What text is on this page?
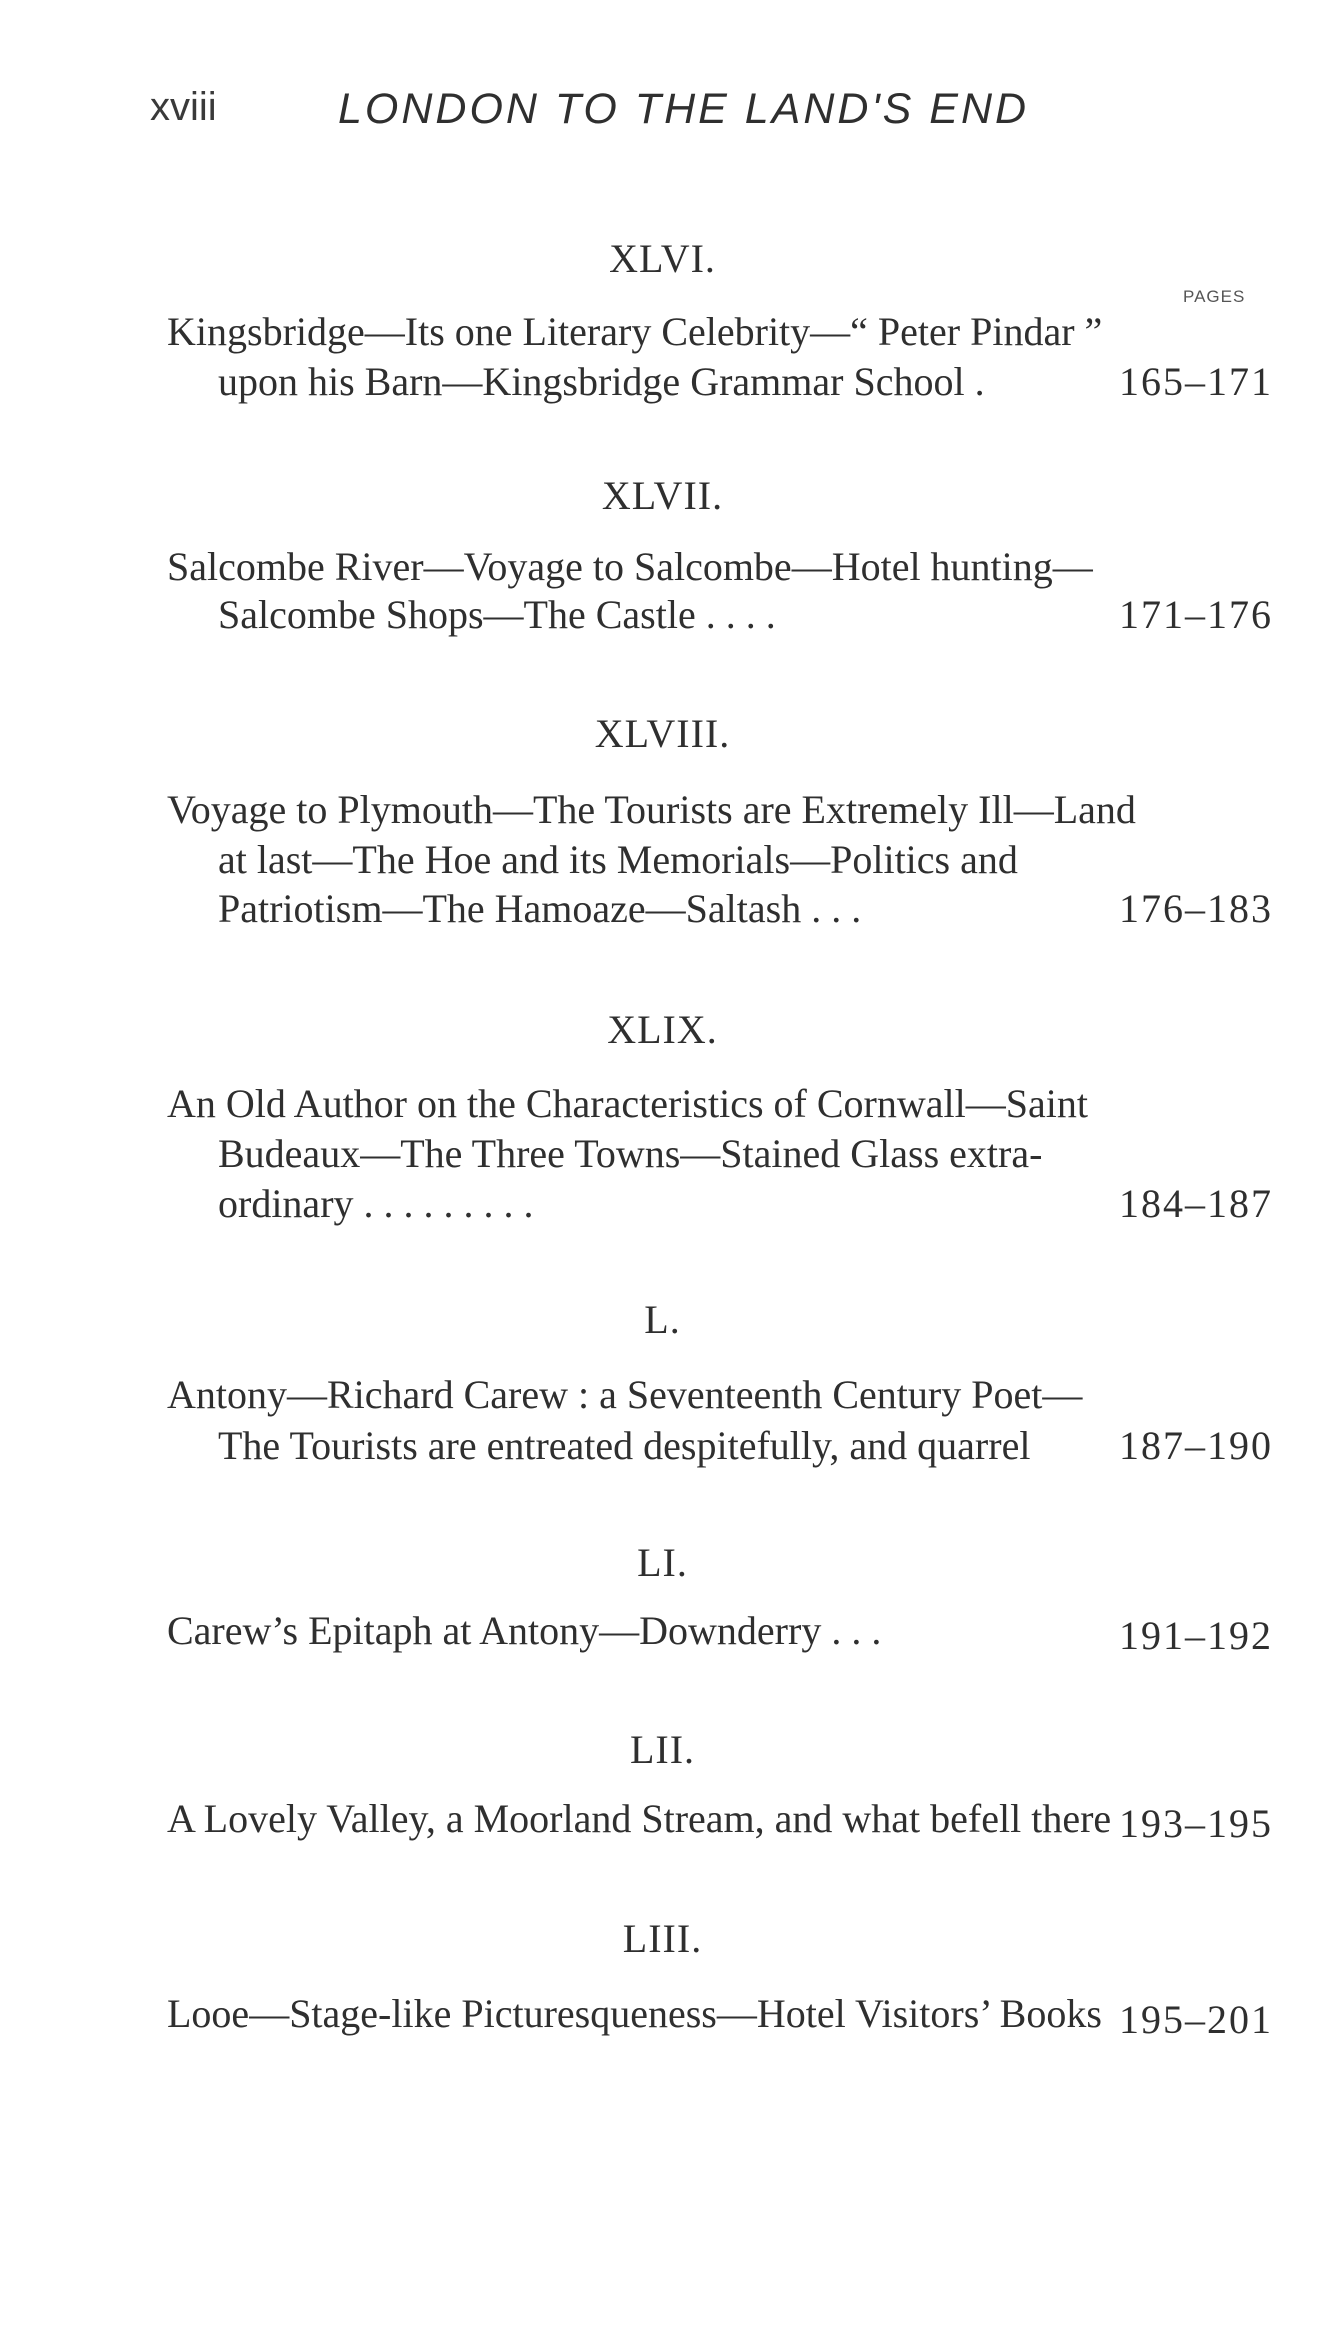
xviii	LONDON TO THE LAND'S END
PAGES
XLVI.
Kingsbridge—Its one Literary Celebrity—“ Peter Pindar ”
upon his Barn—Kingsbridge Grammar School .	165–171
XLVII.
Salcombe River—Voyage to Salcombe—Hotel hunting—
Salcombe Shops—The Castle . . . .	171–176
XLVIII.
Voyage to Plymouth—The Tourists are Extremely Ill—Land
at last—The Hoe and its Memorials—Politics and
Patriotism—The Hamoaze—Saltash . . .	176–183
XLIX.
An Old Author on the Characteristics of Cornwall—Saint
Budeaux—The Three Towns—Stained Glass extra-
ordinary . . . . . . . . .	184–187
L.
Antony—Richard Carew : a Seventeenth Century Poet—
The Tourists are entreated despitefully, and quarrel 187–190
LI.
Carew’s Epitaph at Antony—Downderry . . .	191–192
LII.
A Lovely Valley, a Moorland Stream, and what befell there 193–195
LIII.
Looe—Stage-like Picturesqueness—Hotel Visitors’ Books 195–201
